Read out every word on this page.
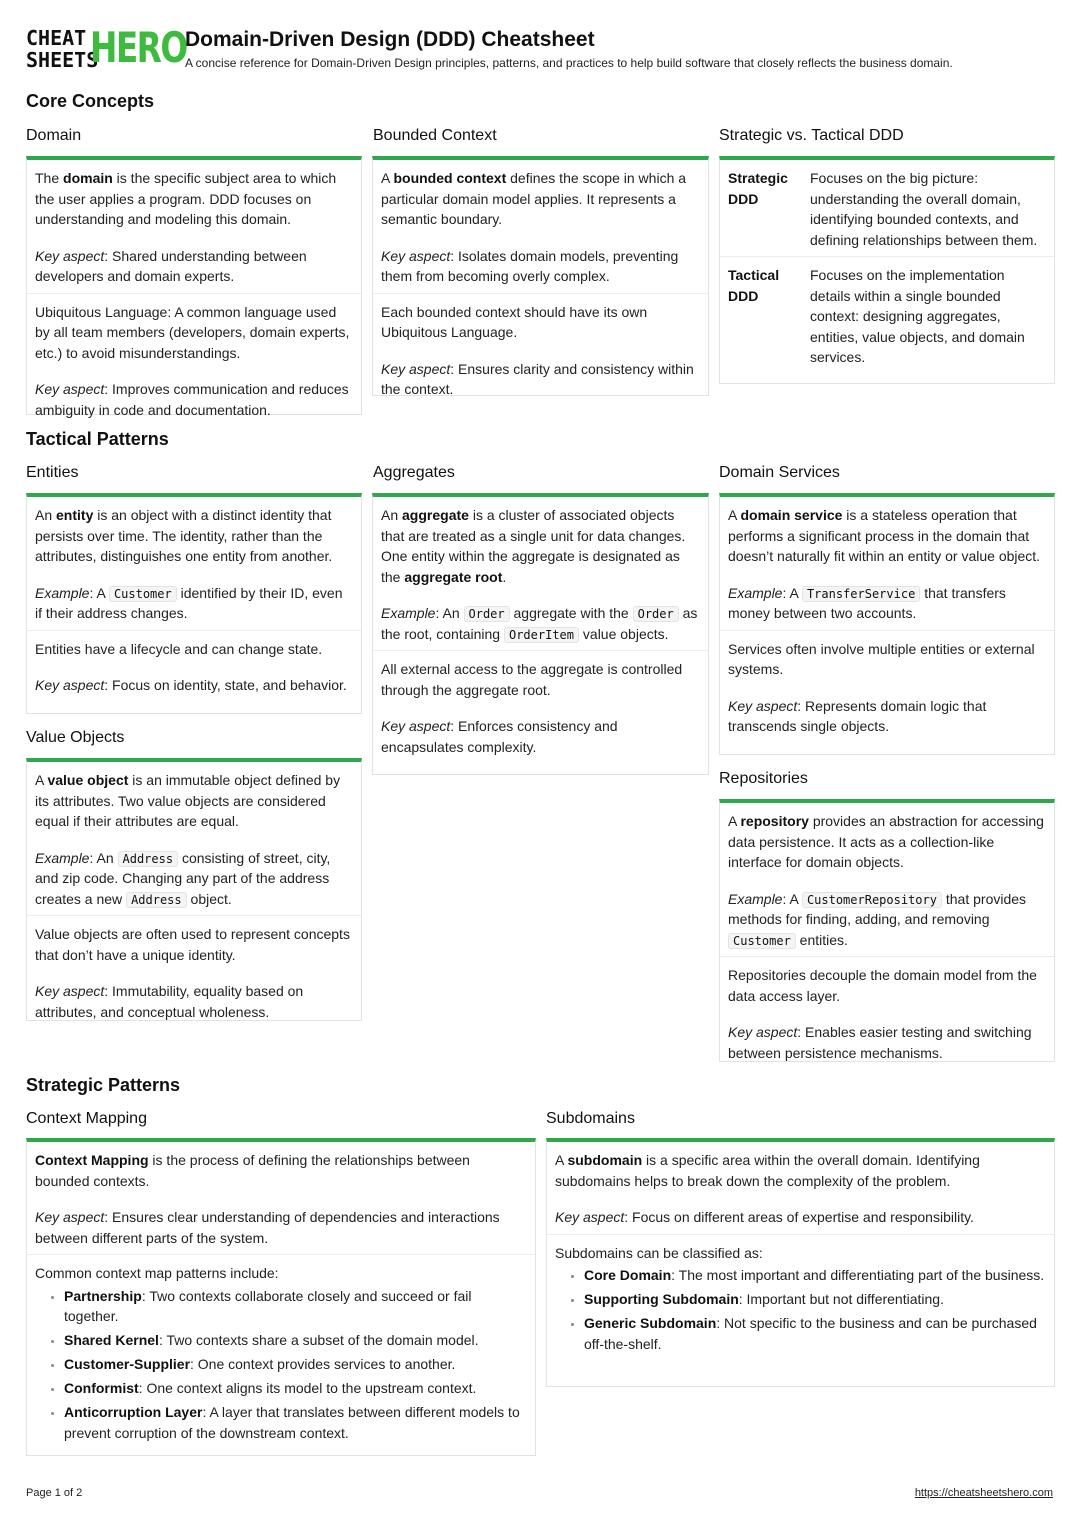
CHEAT
SHEETS
HERO
Domain-Driven Design (DDD) Cheatsheet
A concise reference for Domain-Driven Design principles, patterns, and practices to help build software that closely reflects the business domain.
Core Concepts
Domain

The domain is the specific subject area to which the user applies a program. DDD focuses on understanding and modeling this domain.

Key aspect: Shared understanding between developers and domain experts.

Ubiquitous Language: A common language used by all team members (developers, domain experts, etc.) to avoid misunderstandings.

Key aspect: Improves communication and reduces ambiguity in code and documentation.

Bounded Context

A bounded context defines the scope in which a particular domain model applies. It represents a semantic boundary.

Key aspect: Isolates domain models, preventing them from becoming overly complex.

Each bounded context should have its own Ubiquitous Language.

Key aspect: Ensures clarity and consistency within the context.

Strategic vs. Tactical DDD
Strategic DDD
Focuses on the big picture: understanding the overall domain, identifying bounded contexts, and defining relationships between them.
Tactical DDD
Focuses on the implementation details within a single bounded context: designing aggregates, entities, value objects, and domain services.
Tactical Patterns
Entities

An entity is an object with a distinct identity that persists over time. The identity, rather than the attributes, distinguishes one entity from another.

Example: A Customer identified by their ID, even if their address changes.

Entities have a lifecycle and can change state.

Key aspect: Focus on identity, state, and behavior.

Value Objects

A value object is an immutable object defined by its attributes. Two value objects are considered equal if their attributes are equal.

Example: An Address consisting of street, city, and zip code. Changing any part of the address creates a new Address object.

Value objects are often used to represent concepts that don’t have a unique identity.

Key aspect: Immutability, equality based on attributes, and conceptual wholeness.

Aggregates

An aggregate is a cluster of associated objects that are treated as a single unit for data changes. One entity within the aggregate is designated as the aggregate root.

Example: An Order aggregate with the Order as the root, containing OrderItem value objects.

All external access to the aggregate is controlled through the aggregate root.

Key aspect: Enforces consistency and encapsulates complexity.

Domain Services

A domain service is a stateless operation that performs a significant process in the domain that doesn’t naturally fit within an entity or value object.

Example: A TransferService that transfers money between two accounts.

Services often involve multiple entities or external systems.

Key aspect: Represents domain logic that transcends single objects.

Repositories

A repository provides an abstraction for accessing data persistence. It acts as a collection-like interface for domain objects.

Example: A CustomerRepository that provides methods for finding, adding, and removing Customer entities.

Repositories decouple the domain model from the data access layer.

Key aspect: Enables easier testing and switching between persistence mechanisms.

Strategic Patterns
Context Mapping

Context Mapping is the process of defining the relationships between bounded contexts.

Key aspect: Ensures clear understanding of dependencies and interactions between different parts of the system.

Common context map patterns include:

• Partnership: Two contexts collaborate closely and succeed or fail together.
• Shared Kernel: Two contexts share a subset of the domain model.
• Customer-Supplier: One context provides services to another.
• Conformist: One context aligns its model to the upstream context.
• Anticorruption Layer: A layer that translates between different models to prevent corruption of the downstream context.
Subdomains

A subdomain is a specific area within the overall domain. Identifying subdomains helps to break down the complexity of the problem.

Key aspect: Focus on different areas of expertise and responsibility.

Subdomains can be classified as:

• Core Domain: The most important and differentiating part of the business.
• Supporting Subdomain: Important but not differentiating.
• Generic Subdomain: Not specific to the business and can be purchased off-the-shelf.
Page 1 of 2	https://cheatsheetshero.com
